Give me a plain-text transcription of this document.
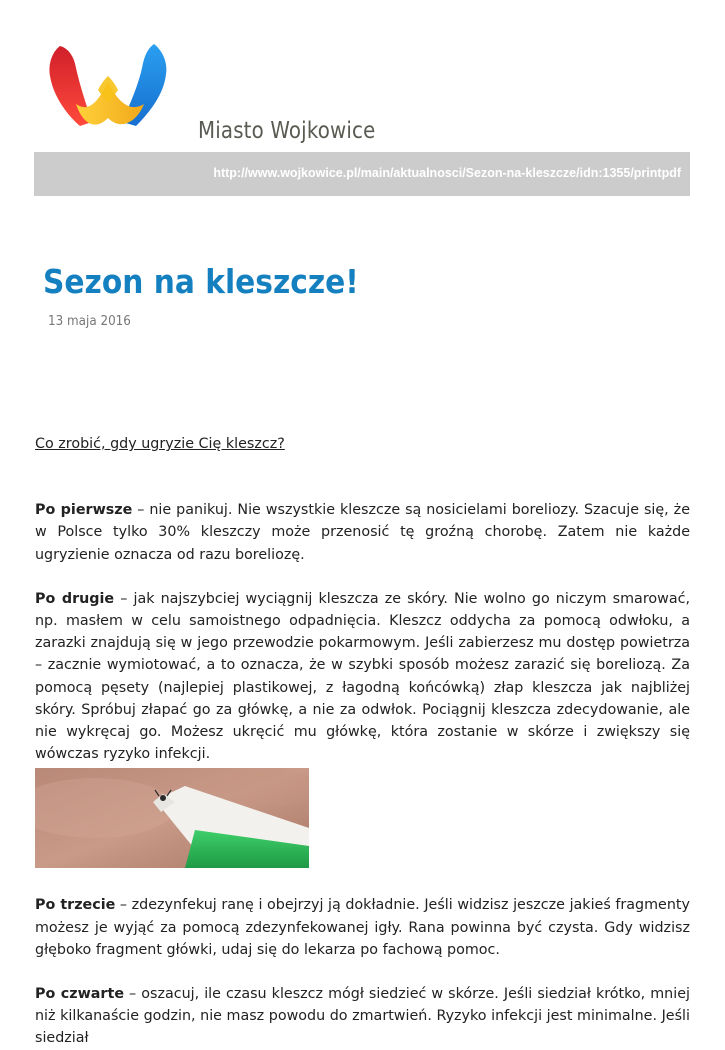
Miasto Wojkowice
http://www.wojkowice.pl/main/aktualnosci/Sezon-na-kleszcze/idn:1355/printpdf
Sezon na kleszcze!
13 maja 2016

Co zrobić, gdy ugryzie Cię kleszcz?

Po pierwsze – nie panikuj. Nie wszystkie kleszcze są nosicielami boreliozy. Szacuje się, że w Polsce tylko 30% kleszczy może przenosić tę groźną chorobę. Zatem nie każde ugryzienie oznacza od razu boreliozę.

Po drugie – jak najszybciej wyciągnij kleszcza ze skóry. Nie wolno go niczym smarować, np. masłem w celu samoistnego odpadnięcia. Kleszcz oddycha za pomocą odwłoku, a zarazki znajdują się w jego przewodzie pokarmowym. Jeśli zabierzesz mu dostęp powietrza – zacznie wymiotować, a to oznacza, że w szybki sposób możesz zarazić się boreliozą. Za pomocą pęsety (najlepiej plastikowej, z łagodną końcówką) złap kleszcza jak najbliżej skóry. Spróbuj złapać go za główkę, a nie za odwłok. Pociągnij kleszcza zdecydowanie, ale nie wykręcaj go. Możesz ukręcić mu główkę, która zostanie w skórze i zwiększy się wówczas ryzyko infekcji.

Po trzecie – zdezynfekuj ranę i obejrzyj ją dokładnie. Jeśli widzisz jeszcze jakieś fragmenty możesz je wyjąć za pomocą zdezynfekowanej igły. Rana powinna być czysta. Gdy widzisz głęboko fragment główki, udaj się do lekarza po fachową pomoc.

Po czwarte – oszacuj, ile czasu kleszcz mógł siedzieć w skórze. Jeśli siedział krótko, mniej niż kilkanaście godzin, nie masz powodu do zmartwień. Ryzyko infekcji jest minimalne. Jeśli siedział
